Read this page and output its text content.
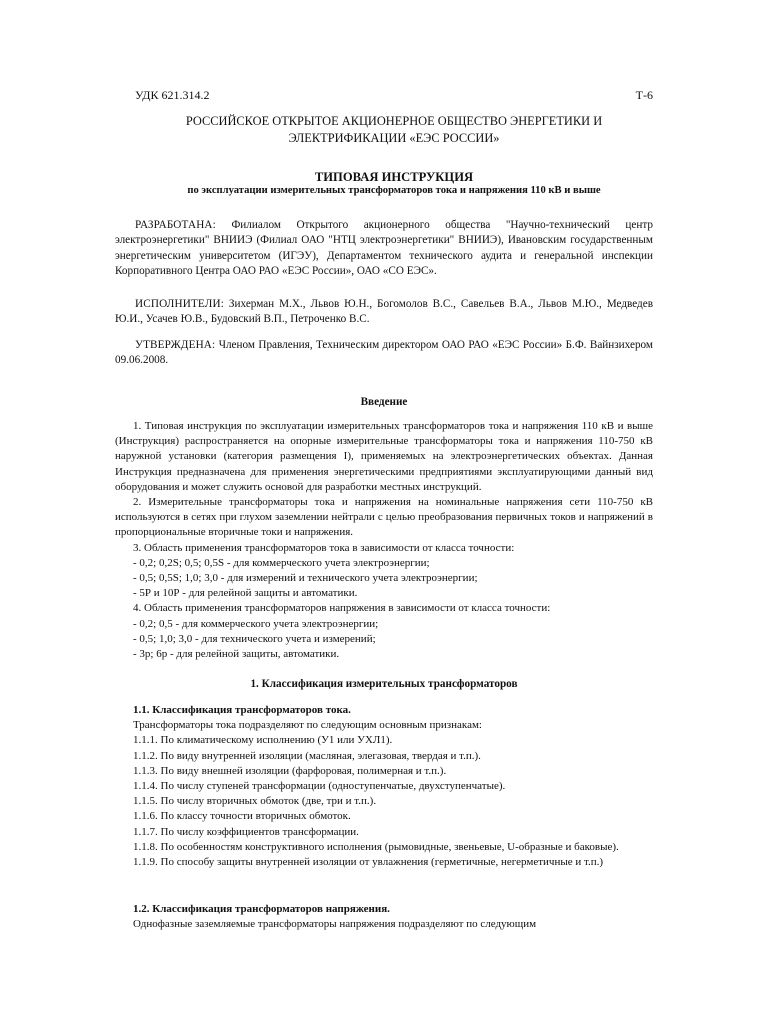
УДК 621.314.2	Т-6
РОССИЙСКОЕ ОТКРЫТОЕ АКЦИОНЕРНОЕ ОБЩЕСТВО ЭНЕРГЕТИКИ И
ЭЛЕКТРИФИКАЦИИ «ЕЭС РОССИИ»
ТИПОВАЯ ИНСТРУКЦИЯ
по эксплуатации измерительных трансформаторов тока и напряжения 110 кВ и выше
РАЗРАБОТАНА: Филиалом Открытого акционерного общества "Научно-технический центр электроэнергетики" ВНИИЭ (Филиал ОАО "НТЦ электроэнергетики" ВНИИЭ), Ивановским государственным энергетическим университетом (ИГЭУ), Департаментом технического аудита и генеральной инспекции Корпоративного Центра ОАО РАО «ЕЭС России», ОАО «СО ЕЭС».
ИСПОЛНИТЕЛИ: Зихерман М.Х., Львов Ю.Н., Богомолов В.С., Савельев В.А., Львов М.Ю., Медведев Ю.И., Усачев Ю.В., Будовский В.П., Петроченко В.С.
УТВЕРЖДЕНА: Членом Правления, Техническим директором ОАО РАО «ЕЭС России» Б.Ф. Вайнзихером 09.06.2008.
Введение
1. Типовая инструкция по эксплуатации измерительных трансформаторов тока и напряжения 110 кВ и выше (Инструкция) распространяется на опорные измерительные трансформаторы тока и напряжения 110-750 кВ наружной установки (категория размещения I), применяемых на электроэнергетических объектах. Данная Инструкция предназначена для применения энергетическими предприятиями эксплуатирующими данный вид оборудования и может служить основой для разработки местных инструкций.
2. Измерительные трансформаторы тока и напряжения на номинальные напряжения сети 110-750 кВ используются в сетях при глухом заземлении нейтрали с целью преобразования первичных токов и напряжений в пропорциональные вторичные токи и напряжения.
3. Область применения трансформаторов тока в зависимости от класса точности:
- 0,2; 0,2S; 0,5; 0,5S - для коммерческого учета электроэнергии;
- 0,5; 0,5S; 1,0; 3,0 - для измерений и технического учета электроэнергии;
- 5Р и 10Р - для релейной защиты и автоматики.
4. Область применения трансформаторов напряжения в зависимости от класса точности:
- 0,2; 0,5 - для коммерческого учета электроэнергии;
- 0,5; 1,0; 3,0 - для технического учета и измерений;
- 3р; 6р - для релейной защиты, автоматики.
1. Классификация измерительных трансформаторов
1.1. Классификация трансформаторов тока.
Трансформаторы тока подразделяют по следующим основным признакам:
1.1.1. По климатическому исполнению (У1 или УХЛ1).
1.1.2. По виду внутренней изоляции (масляная, элегазовая, твердая и т.п.).
1.1.3. По виду внешней изоляции (фарфоровая, полимерная и т.п.).
1.1.4. По числу ступеней трансформации (одноступенчатые, двухступенчатые).
1.1.5. По числу вторичных обмоток (две, три и т.п.).
1.1.6. По классу точности вторичных обмоток.
1.1.7. По числу коэффициентов трансформации.
1.1.8. По особенностям конструктивного исполнения (рымовидные, звеньевые, U-образные и баковые).
1.1.9. По способу защиты внутренней изоляции от увлажнения (герметичные, негерметичные и т.п.)
1.2. Классификация трансформаторов напряжения.
Однофазные заземляемые трансформаторы напряжения подразделяют по следующим
